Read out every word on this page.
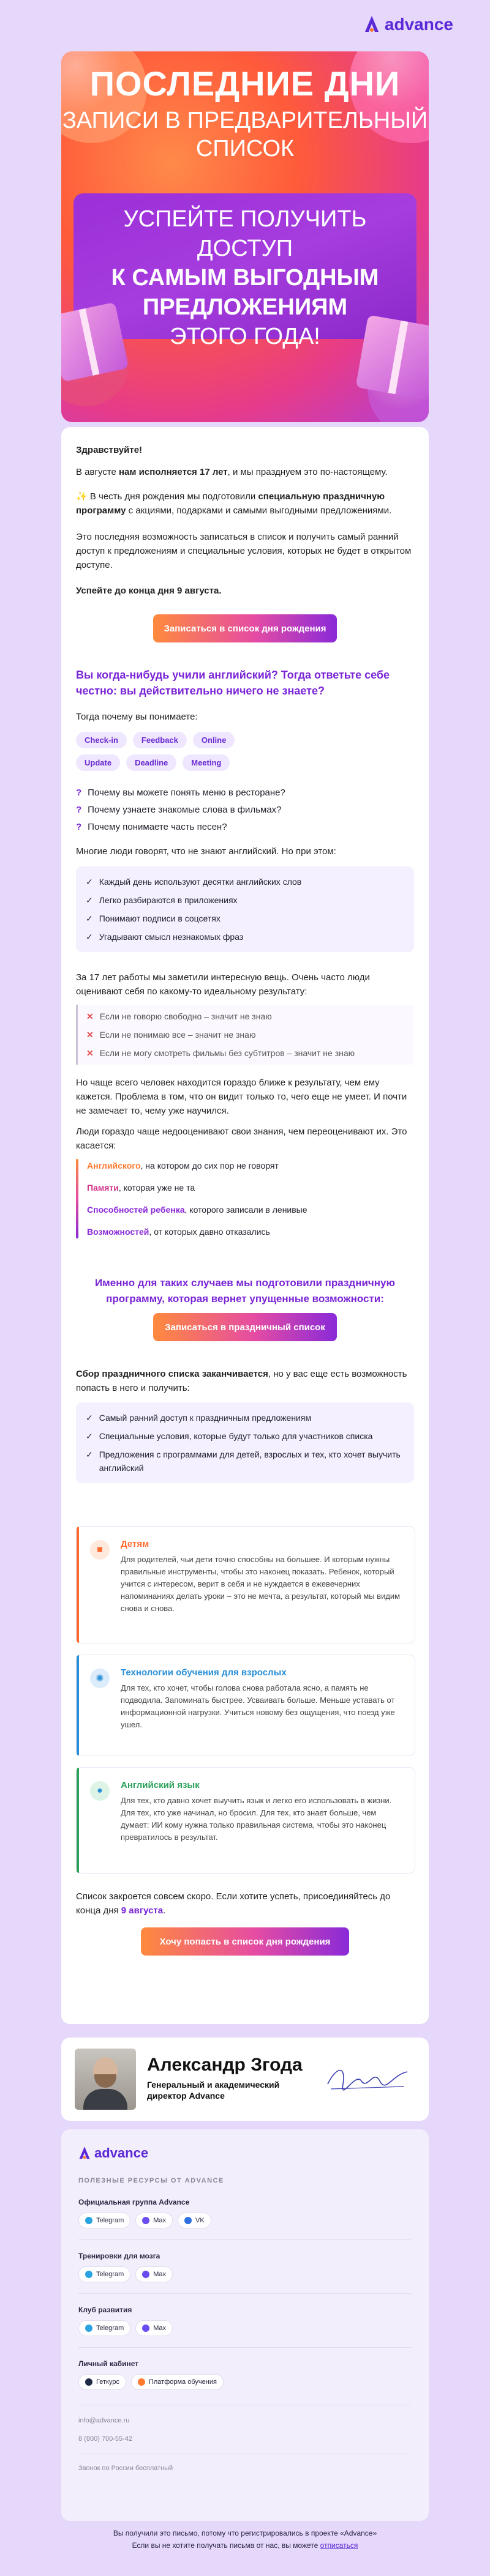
advance
ПОСЛЕДНИЕ ДНИ
ЗАПИСИ В ПРЕДВАРИТЕЛЬНЫЙ
СПИСОК
УСПЕЙТЕ ПОЛУЧИТЬ ДОСТУП
К САМЫМ ВЫГОДНЫМ
ПРЕДЛОЖЕНИЯМ
ЭТОГО ГОДА!

Здравствуйте!

В августе нам исполняется 17 лет, и мы празднуем это по-настоящему.

✨ В честь дня рождения мы подготовили специальную праздничную программу с акциями, подарками и самыми выгодными предложениями.

Это последняя возможность записаться в список и получить самый ранний доступ к предложениям и специальные условия, которых не будет в открытом доступе.

Успейте до конца дня 9 августа.

Записаться в список дня рождения

Вы когда-нибудь учили английский? Тогда ответьте себе честно: вы действительно ничего не знаете?

Тогда почему вы понимаете:

Check-in	Feedback	Online
Update	Deadline	Meeting
? Почему вы можете понять меню в ресторане?
? Почему узнаете знакомые слова в фильмах?
? Почему понимаете часть песен?

Многие люди говорят, что не знают английский. Но при этом:

✓ Каждый день используют десятки английских слов
✓ Легко разбираются в приложениях
✓ Понимают подписи в соцсетях
✓ Угадывают смысл незнакомых фраз

За 17 лет работы мы заметили интересную вещь. Очень часто люди оценивают себя по какому-то идеальному результату:

✕ Если не говорю свободно – значит не знаю
✕ Если не понимаю все – значит не знаю
✕ Если не могу смотреть фильмы без субтитров – значит не знаю

Но чаще всего человек находится гораздо ближе к результату, чем ему кажется. Проблема в том, что он видит только то, чего еще не умеет. И почти не замечает то, чему уже научился.

Люди гораздо чаще недооценивают свои знания, чем переоценивают их. Это касается:

Английского, на котором до сих пор не говорят
Памяти, которая уже не та
Способностей ребенка, которого записали в ленивые
Возможностей, от которых давно отказались

Именно для таких случаев мы подготовили праздничную программу, которая вернет упущенные возможности:

Записаться в праздничный список

Сбор праздничного списка заканчивается, но у вас еще есть возможность попасть в него и получить:

✓ Самый ранний доступ к праздничным предложениям
✓ Специальные условия, которые будут только для участников списка
✓ Предложения с программами для детей, взрослых и тех, кто хочет выучить английский
■
Детям
Для родителей, чьи дети точно способны на большее. И которым нужны правильные инструменты, чтобы это наконец показать. Ребенок, который учится с интересом, верит в себя и не нуждается в ежевечерних напоминаниях делать уроки – это не мечта, а результат, который мы видим снова и снова.
✺
Технологии обучения для взрослых
Для тех, кто хочет, чтобы голова снова работала ясно, а память не подводила. Запоминать быстрее. Усваивать больше. Меньше уставать от информационной нагрузки. Учиться новому без ощущения, что поезд уже ушел.
●
Английский язык
Для тех, кто давно хочет выучить язык и легко его использовать в жизни. Для тех, кто уже начинал, но бросил. Для тех, кто знает больше, чем думает: ИИ кому нужна только правильная система, чтобы это наконец превратилось в результат.

Список закроется совсем скоро. Если хотите успеть, присоединяйтесь до конца дня 9 августа.

Хочу попасть в список дня рождения
Александр Згода
Генеральный и академический директор Advance
advance
ПОЛЕЗНЫЕ РЕСУРСЫ ОТ ADVANCE
Официальная группа Advance
Telegram	Max	VK
Тренировки для мозга
Telegram	Max
Клуб развития
Telegram	Max
Личный кабинет
Геткурс	Платформа обучения
info@advance.ru
8 (800) 700-55-42
Звонок по России бесплатный
Вы получили это письмо, потому что регистрировались в проекте «Advance»
Если вы не хотите получать письма от нас, вы можете отписаться
